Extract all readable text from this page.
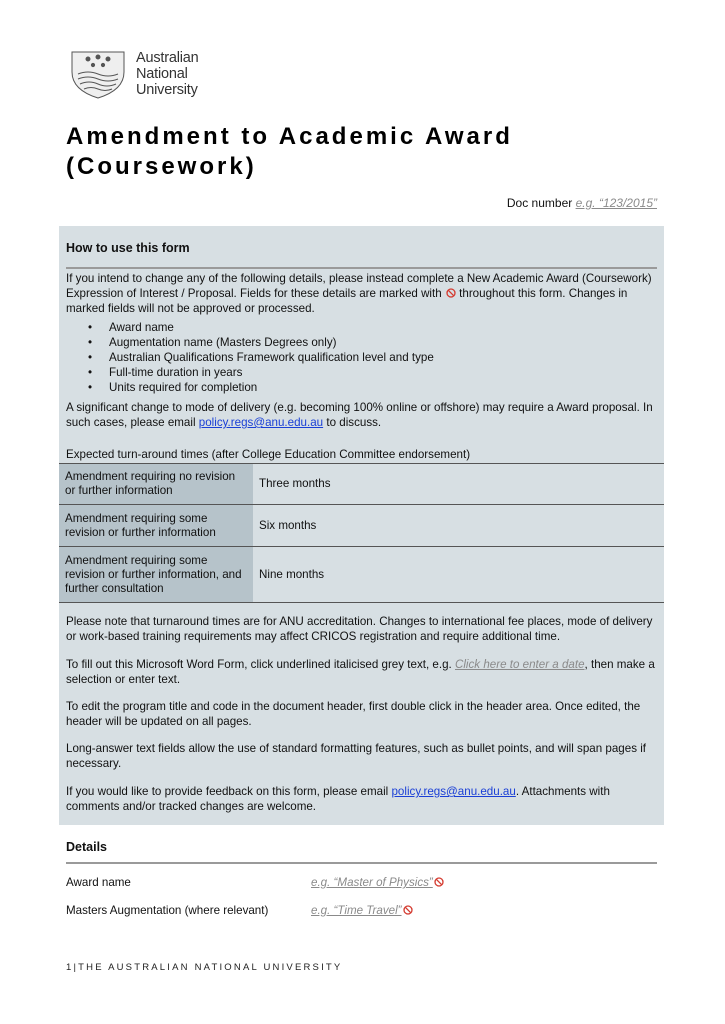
Australian
National
University
Amendment to Academic Award
(Coursework)
Doc number e.g. “123/2015”
How to use this form

If you intend to change any of the following details, please instead complete a New Academic Award (Coursework) Expression of Interest / Proposal. Fields for these details are marked with throughout this form. Changes in marked fields will not be approved or processed.

• Award name
• Augmentation name (Masters Degrees only)
• Australian Qualifications Framework qualification level and type
• Full-time duration in years
• Units required for completion

A significant change to mode of delivery (e.g. becoming 100% online or offshore) may require a Award proposal. In such cases, please email policy.regs@anu.edu.au to discuss.

Expected turn-around times (after College Education Committee endorsement)

Amendment requiring no revision or further information	Three months
Amendment requiring some revision or further information	Six months
Amendment requiring some revision or further information, and further consultation	Nine months

Please note that turnaround times are for ANU accreditation. Changes to international fee places, mode of delivery or work-based training requirements may affect CRICOS registration and require additional time.

To fill out this Microsoft Word Form, click underlined italicised grey text, e.g. Click here to enter a date, then make a selection or enter text.

To edit the program title and code in the document header, first double click in the header area. Once edited, the header will be updated on all pages.

Long-answer text fields allow the use of standard formatting features, such as bullet points, and will span pages if necessary.

If you would like to provide feedback on this form, please email policy.regs@anu.edu.au. Attachments with comments and/or tracked changes are welcome.

Details
Award name	e.g. “Master of Physics”
Masters Augmentation (where relevant)	e.g. “Time Travel”
1|THE AUSTRALIAN NATIONAL UNIVERSITY
